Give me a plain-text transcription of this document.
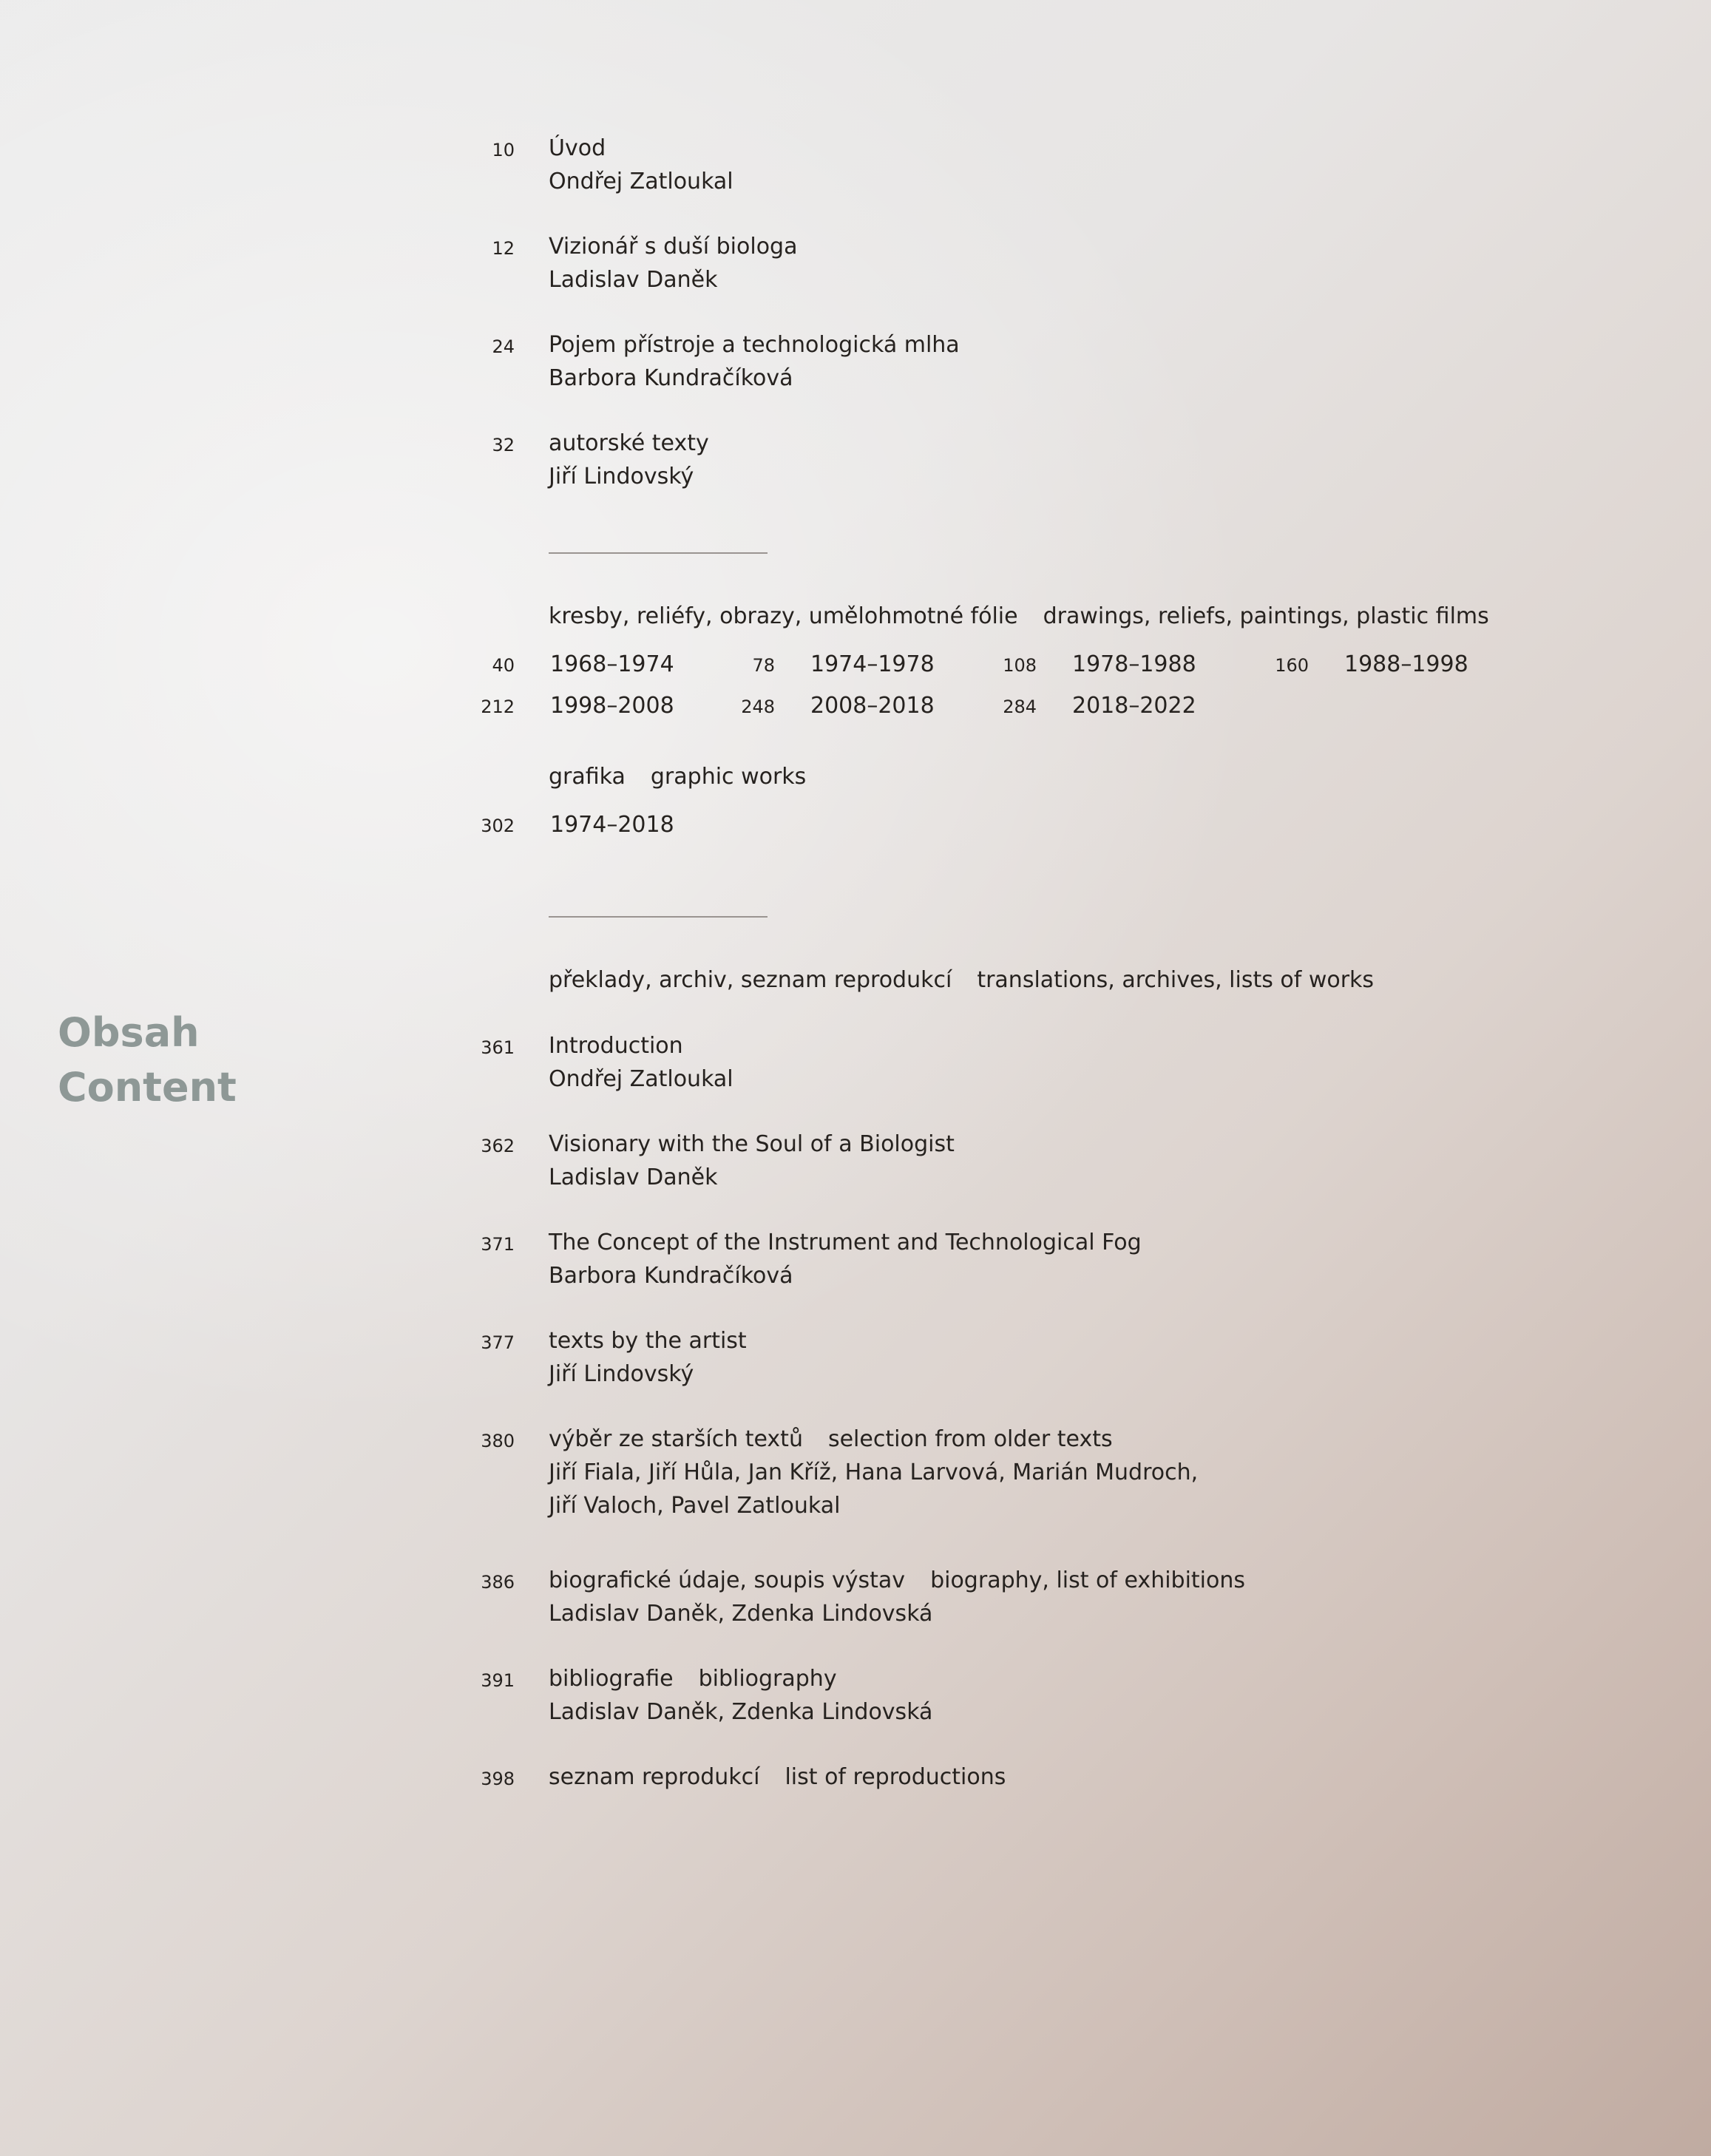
Obsah
Content
10 Úvod
Ondřej Zatloukal
12 Vizionář s duší biologa
Ladislav Daněk
24 Pojem přístroje a technologická mlha
Barbora Kundračíková
32 autorské texty
Jiří Lindovský
kresby, reliéfy, obrazy, umělohmotné fólie drawings, reliefs, paintings, plastic films
40 1968–1974	78 1974–1978	108 1978–1988	160 1988–1998
212 1998–2008	248 2008–2018	284 2018–2022
grafika graphic works
302 1974–2018
překlady, archiv, seznam reprodukcí translations, archives, lists of works
361 Introduction
Ondřej Zatloukal
362 Visionary with the Soul of a Biologist
Ladislav Daněk
371 The Concept of the Instrument and Technological Fog
Barbora Kundračíková
377 texts by the artist
Jiří Lindovský
380 výběr ze starších textů selection from older texts
Jiří Fiala, Jiří Hůla, Jan Kříž, Hana Larvová, Marián Mudroch,
Jiří Valoch, Pavel Zatloukal
386 biografické údaje, soupis výstav biography, list of exhibitions
Ladislav Daněk, Zdenka Lindovská
391 bibliografie bibliography
Ladislav Daněk, Zdenka Lindovská
398 seznam reprodukcí list of reproductions
